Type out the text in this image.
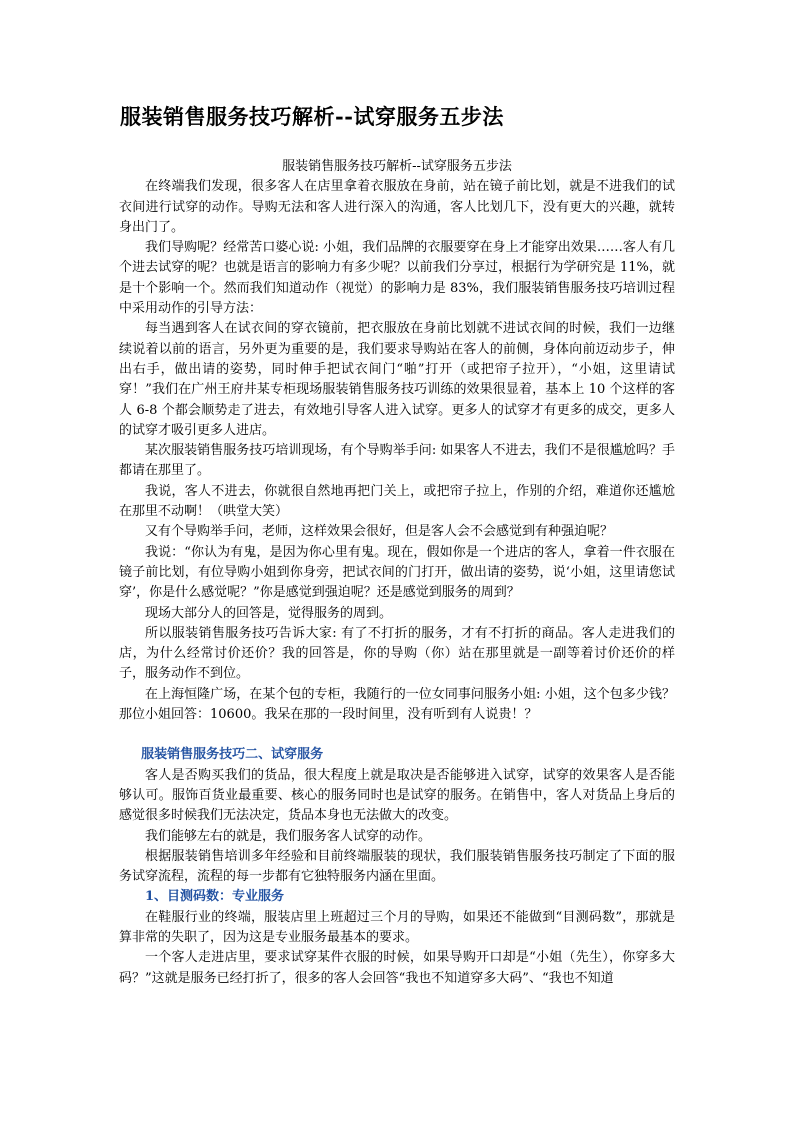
服装销售服务技巧解析--试穿服务五步法
服装销售服务技巧解析--试穿服务五步法

在终端我们发现，很多客人在店里拿着衣服放在身前，站在镜子前比划，就是不进我们的试衣间进行试穿的动作。导购无法和客人进行深入的沟通，客人比划几下，没有更大的兴趣，就转身出门了。

我们导购呢？经常苦口婆心说: 小姐，我们品牌的衣服要穿在身上才能穿出效果……客人有几个进去试穿的呢？也就是语言的影响力有多少呢？以前我们分享过，根据行为学研究是 11%，就是十个影响一个。然而我们知道动作（视觉）的影响力是 83%，我们服装销售服务技巧培训过程中采用动作的引导方法：

每当遇到客人在试衣间的穿衣镜前，把衣服放在身前比划就不进试衣间的时候，我们一边继续说着以前的语言，另外更为重要的是，我们要求导购站在客人的前侧，身体向前迈动步子，伸出右手，做出请的姿势，同时伸手把试衣间门“啪”打开（或把帘子拉开），“小姐，这里请试穿！”我们在广州王府井某专柜现场服装销售服务技巧训练的效果很显着，基本上 10 个这样的客人 6-8 个都会顺势走了进去，有效地引导客人进入试穿。更多人的试穿才有更多的成交，更多人的试穿才吸引更多人进店。

某次服装销售服务技巧培训现场，有个导购举手问: 如果客人不进去，我们不是很尴尬吗？手都请在那里了。

我说，客人不进去，你就很自然地再把门关上，或把帘子拉上，作别的介绍，难道你还尴尬在那里不动啊！（哄堂大笑）

又有个导购举手问，老师，这样效果会很好，但是客人会不会感觉到有种强迫呢？

我说：“你认为有鬼，是因为你心里有鬼。现在，假如你是一个进店的客人，拿着一件衣服在镜子前比划，有位导购小姐到你身旁，把试衣间的门打开，做出请的姿势，说‘小姐，这里请您试穿’，你是什么感觉呢？”你是感觉到强迫呢？还是感觉到服务的周到？

现场大部分人的回答是，觉得服务的周到。

所以服装销售服务技巧告诉大家: 有了不打折的服务，才有不打折的商品。客人走进我们的店，为什么经常讨价还价？我的回答是，你的导购（你）站在那里就是一副等着讨价还价的样子，服务动作不到位。

在上海恒隆广场，在某个包的专柜，我随行的一位女同事问服务小姐: 小姐，这个包多少钱？那位小姐回答：10600。我呆在那的一段时间里，没有听到有人说贵！？

服装销售服务技巧二、试穿服务

客人是否购买我们的货品，很大程度上就是取决是否能够进入试穿，试穿的效果客人是否能够认可。服饰百货业最重要、核心的服务同时也是试穿的服务。在销售中，客人对货品上身后的感觉很多时候我们无法决定，货品本身也无法做大的改变。

我们能够左右的就是，我们服务客人试穿的动作。

根据服装销售培训多年经验和目前终端服装的现状，我们服装销售服务技巧制定了下面的服务试穿流程，流程的每一步都有它独特服务内涵在里面。

1、目测码数：专业服务

在鞋服行业的终端，服装店里上班超过三个月的导购，如果还不能做到“目测码数”，那就是算非常的失职了，因为这是专业服务最基本的要求。

一个客人走进店里，要求试穿某件衣服的时候，如果导购开口却是“小姐（先生），你穿多大码？”这就是服务已经打折了，很多的客人会回答“我也不知道穿多大码”、“我也不知道
